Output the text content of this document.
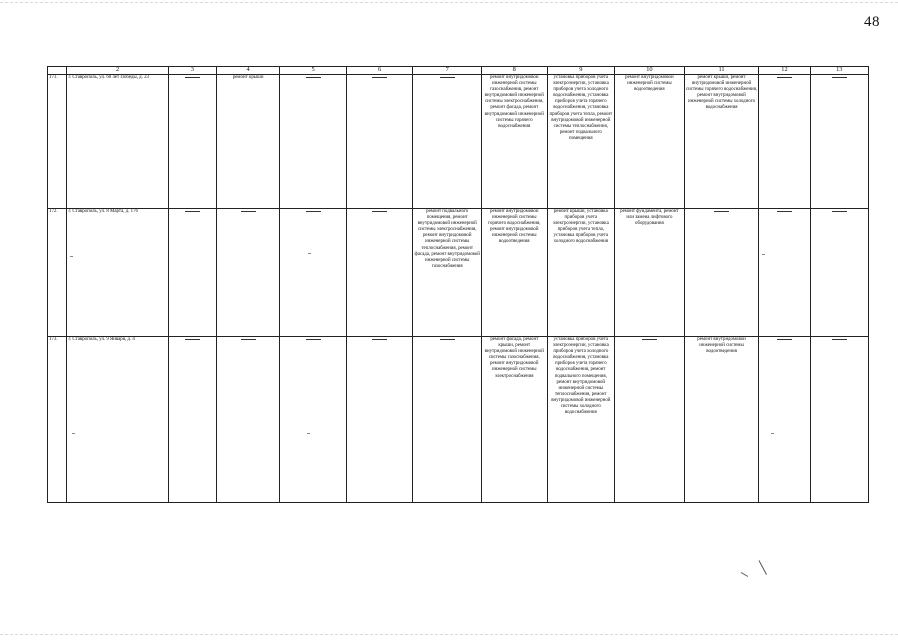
48
	2	3	4	5	6	7	8	9	10	11	12	13
171.	г. Ставрополь, ул. 60 лет Победы, д. 23		ремонт крыши				ремонт внутридомовой инженерной системы газоснабжения, ремонт внутридомовой инженерной системы электроснабжения, ремонт фасада, ремонт внутридомовой инженерной системы горячего водоснабжения	установка приборов учета электроэнергии, установка приборов учета холодного водоснабжения, установка приборов учета горячего водоснабжения, установка приборов учета тепла, ремонт внутридомовой инженерной системы теплоснабжения, ремонт подвального помещения	ремонт внутридомовой инженерной системы водоотведения	ремонт крыши, ремонт внутридомовой инженерной системы горячего водоснабжения, ремонт внутридомовой инженерной системы холодного водоснабжения	

172.	г. Ставрополь, ул. 8 Марта, д. 176					ремонт подвального помещения, ремонт внутридомовой инженерной системы электроснабжения, ремонт внутридомовой инженерной системы теплоснабжения, ремонт фасада, ремонт внутридомовой инженерной системы газоснабжения	ремонт внутридомовой инженерной системы горячего водоснабжения, ремонт внутридомовой инженерной системы водоотведения	ремонт крыши, установка приборов учета электроэнергии, установка приборов учета тепла, установка приборов учета холодного водоснабжения	ремонт фундамента, ремонт или замена лифтового оборудования	

173.	г. Ставрополь, ул. 9 Января, д. 4						ремонт фасада, ремонт крыши, ремонт внутридомовой инженерной системы газоснабжения, ремонт внутридомовой инженерной системы электроснабжения	установка приборов учета электроэнергии, установка приборов учета холодного водоснабжения, установка приборов учета горячего водоснабжения, ремонт подвального помещения, ремонт внутридомовой инженерной системы теплоснабжения, ремонт внутридомовой инженерной системы холодного водоснабжения		ремонт внутридомовой инженерной системы водоотведения	
